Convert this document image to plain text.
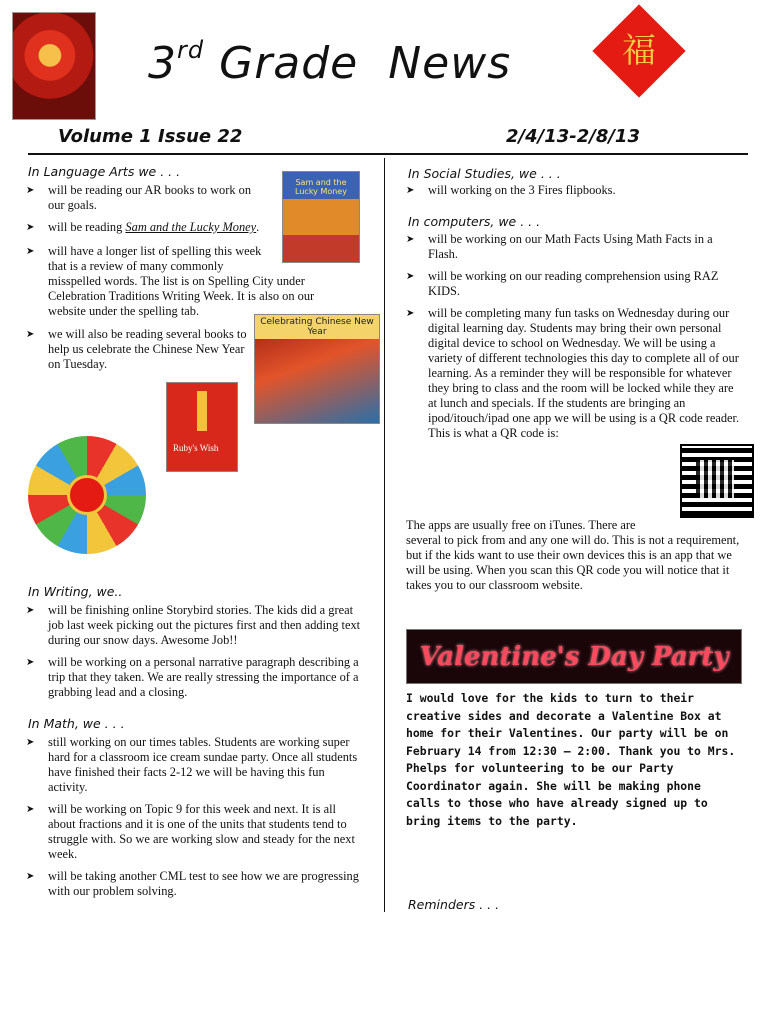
3rd Grade  News	福
Volume 1 Issue 22	2/4/13-2/8/13
In Language Arts we . . .
➤ will be reading our AR books to work on our goals.
➤ will be reading Sam and the Lucky Money.
➤ will have a longer list of spelling this week that is a review of many commonly
misspelled words. The list is on Spelling City under Celebration Traditions Writing Week. It is also on our website under the spelling tab.
➤ we will also be reading several books to help us celebrate the Chinese New Year on Tuesday.
Sam and the Lucky Money
Celebrating Chinese New Year
Ruby's Wish
In Writing, we..
➤ will be finishing online Storybird stories. The kids did a great job last week picking out the pictures first and then adding text during our snow days. Awesome Job!!
➤ will be working on a personal narrative paragraph describing a trip that they taken. We are really stressing the importance of a grabbing lead and a closing.
In Math, we . . .
➤ still working on our times tables. Students are working super hard for a classroom ice cream sundae party. Once all students have finished their facts 2-12 we will be having this fun activity.
➤ will be working on Topic 9 for this week and next. It is all about fractions and it is one of the units that students tend to struggle with. So we are working slow and steady for the next week.
➤ will be taking another CML test to see how we are progressing with our problem solving.
In Social Studies, we . . .
➤ will working on the 3 Fires flipbooks.
In computers, we . . .
➤ will be working on our Math Facts Using Math Facts in a Flash.
➤ will be working on our reading comprehension using RAZ KIDS.
➤ will be completing many fun tasks on Wednesday during our digital learning day. Students may bring their own personal digital device to school on Wednesday. We will be using a variety of different technologies this day to complete all of our learning. As a reminder they will be responsible for whatever they bring to class and the room will be locked while they are at lunch and specials. If the students are bringing an ipod/itouch/ipad one app we will be using is a QR code reader. This is what a QR code is:
The apps are usually free on iTunes. There are
several to pick from and any one will do. This is not a requirement, but if the kids want to use their own devices this is an app that we will be using. When you scan this QR code you will notice that it takes you to our classroom website.
Valentine's Day Party
I would love for the kids to turn to their creative sides and decorate a Valentine Box at home for their Valentines. Our party will be on February 14 from 12:30 – 2:00. Thank you to Mrs. Phelps for volunteering to be our Party Coordinator again. She will be making phone calls to those who have already signed up to bring items to the party.
Reminders . . .
